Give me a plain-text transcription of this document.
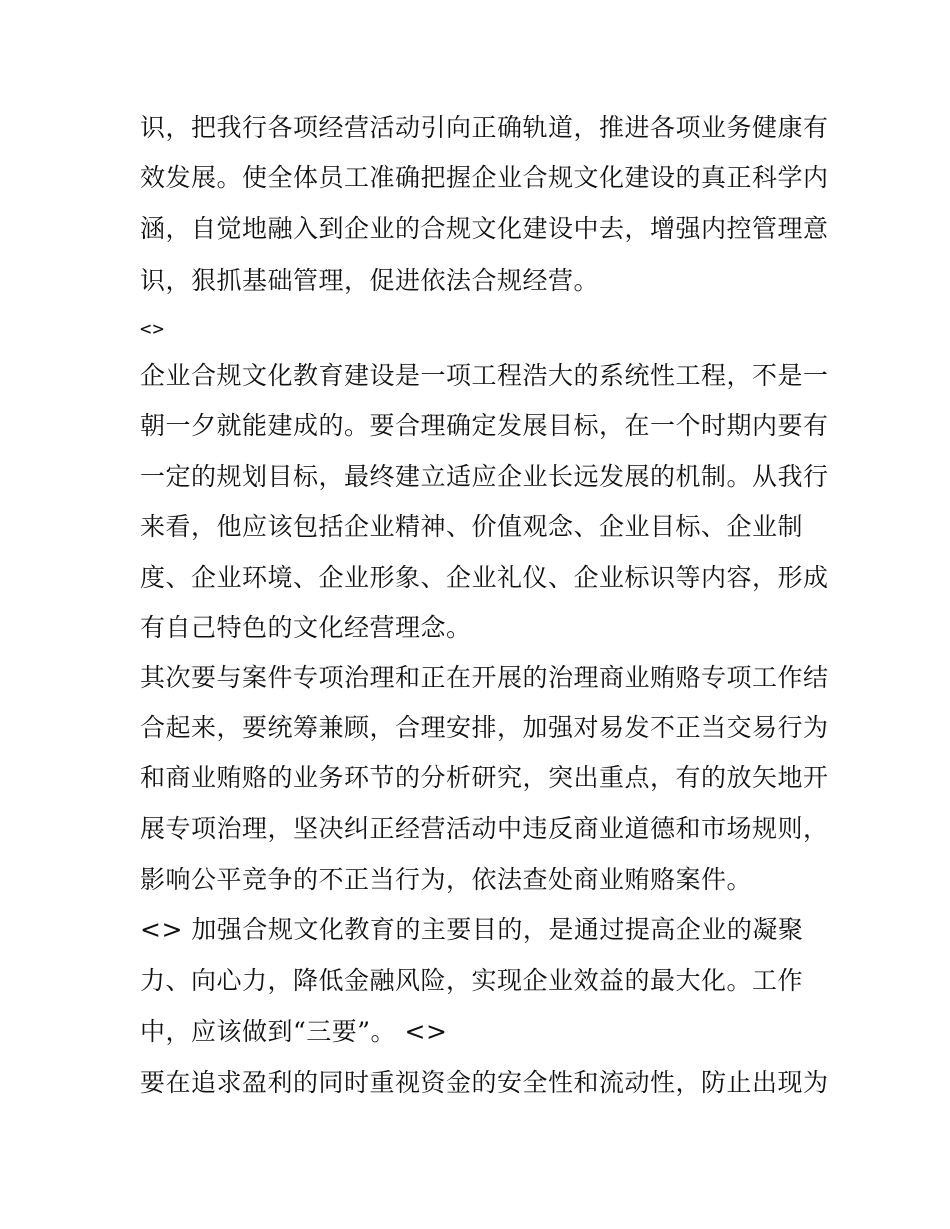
识，把我行各项经营活动引向正确轨道，推进各项业务健康有
效发展。使全体员工准确把握企业合规文化建设的真正科学内
涵，自觉地融入到企业的合规文化建设中去，增强内控管理意
识，狠抓基础管理，促进依法合规经营。
<>
企业合规文化教育建设是一项工程浩大的系统性工程，不是一
朝一夕就能建成的。要合理确定发展目标，在一个时期内要有
一定的规划目标，最终建立适应企业长远发展的机制。从我行
来看，他应该包括企业精神、价值观念、企业目标、企业制
度、企业环境、企业形象、企业礼仪、企业标识等内容，形成
有自己特色的文化经营理念。
其次要与案件专项治理和正在开展的治理商业贿赂专项工作结
合起来，要统筹兼顾，合理安排，加强对易发不正当交易行为
和商业贿赂的业务环节的分析研究，突出重点，有的放矢地开
展专项治理，坚决纠正经营活动中违反商业道德和市场规则，
影响公平竞争的不正当行为，依法查处商业贿赂案件。
<> 加强合规文化教育的主要目的，是通过提高企业的凝聚
力、向心力，降低金融风险，实现企业效益的最大化。工作
中，应该做到“三要”。 <>
要在追求盈利的同时重视资金的安全性和流动性，防止出现为
